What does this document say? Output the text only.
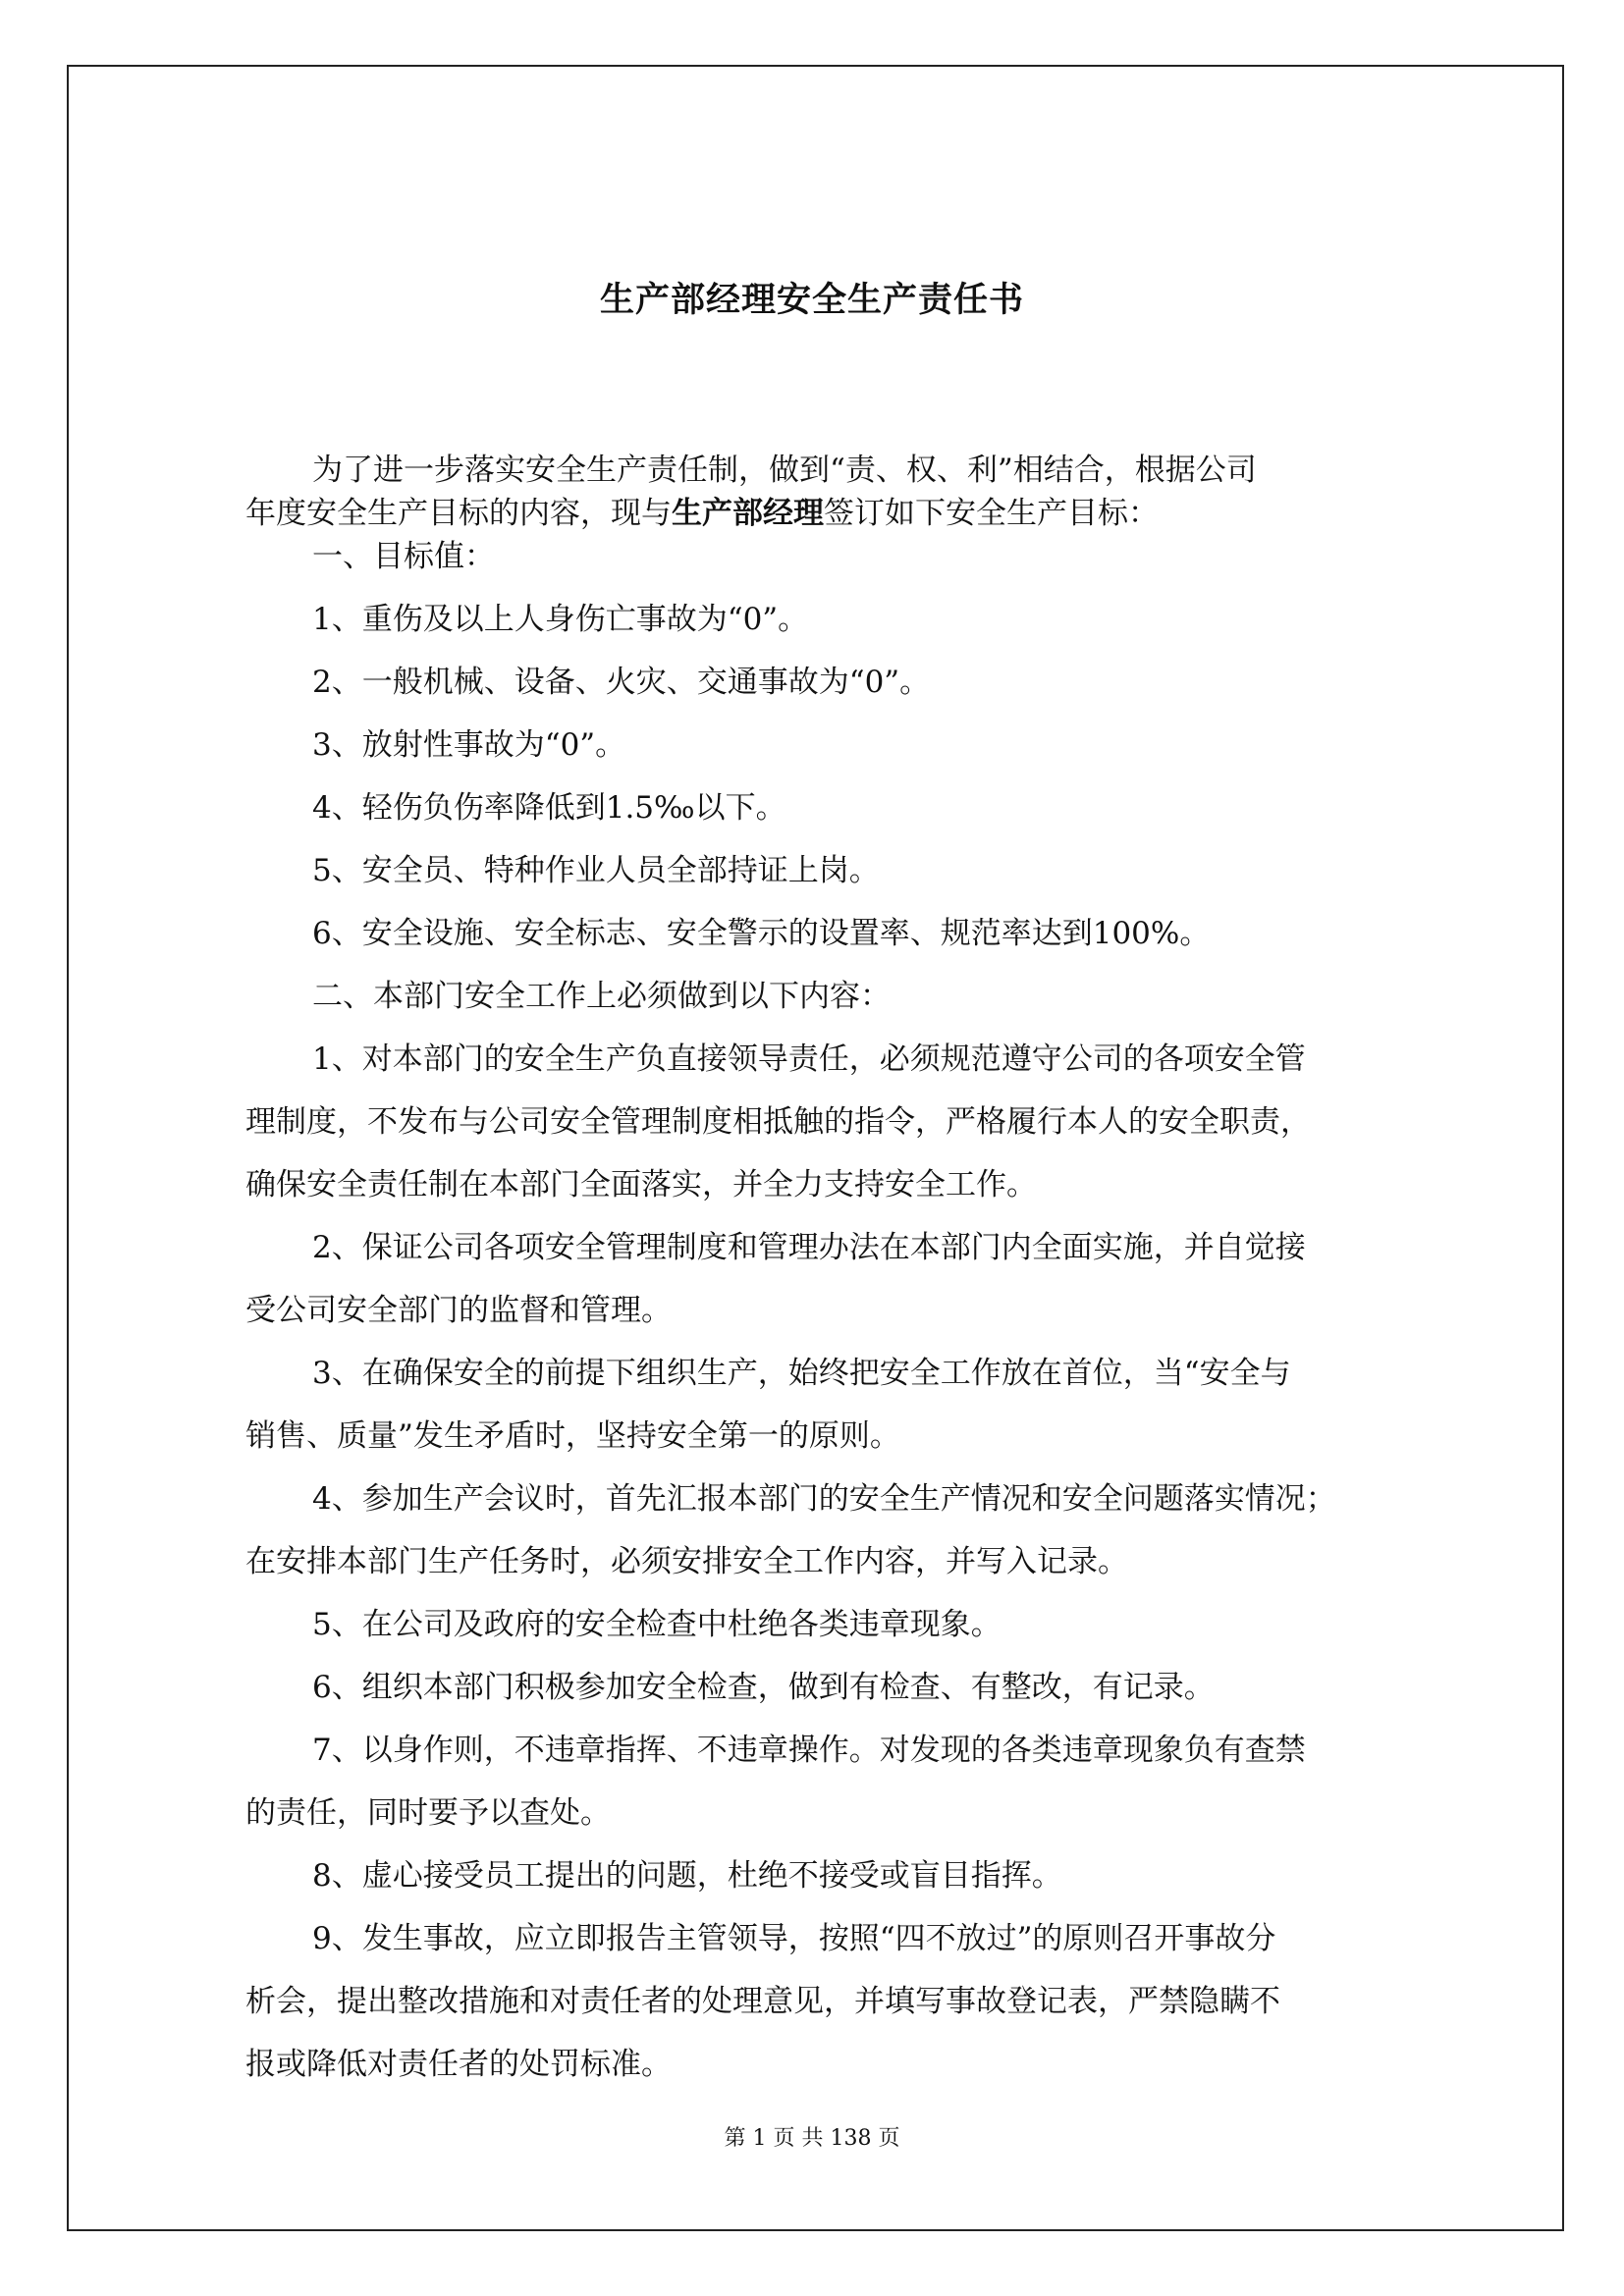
生产部经理安全生产责任书

为了进一步落实安全生产责任制，做到“责、权、利”相结合，根据公司

年度安全生产目标的内容，现与生产部经理签订如下安全生产目标：

一、目标值：

1、重伤及以上人身伤亡事故为“0”。

2、一般机械、设备、火灾、交通事故为“0”。

3、放射性事故为“0”。

4、轻伤负伤率降低到1.5‰以下。

5、安全员、特种作业人员全部持证上岗。

6、安全设施、安全标志、安全警示的设置率、规范率达到100%。

二、本部门安全工作上必须做到以下内容：

1、对本部门的安全生产负直接领导责任，必须规范遵守公司的各项安全管

理制度，不发布与公司安全管理制度相抵触的指令，严格履行本人的安全职责，

确保安全责任制在本部门全面落实，并全力支持安全工作。

2、保证公司各项安全管理制度和管理办法在本部门内全面实施，并自觉接

受公司安全部门的监督和管理。

3、在确保安全的前提下组织生产，始终把安全工作放在首位，当“安全与

销售、质量”发生矛盾时，坚持安全第一的原则。

4、参加生产会议时，首先汇报本部门的安全生产情况和安全问题落实情况；

在安排本部门生产任务时，必须安排安全工作内容，并写入记录。

5、在公司及政府的安全检查中杜绝各类违章现象。

6、组织本部门积极参加安全检查，做到有检查、有整改，有记录。

7、以身作则，不违章指挥、不违章操作。对发现的各类违章现象负有查禁

的责任，同时要予以查处。

8、虚心接受员工提出的问题，杜绝不接受或盲目指挥。

9、发生事故，应立即报告主管领导，按照“四不放过”的原则召开事故分

析会，提出整改措施和对责任者的处理意见，并填写事故登记表，严禁隐瞒不

报或降低对责任者的处罚标准。

第 1 页 共 138 页
